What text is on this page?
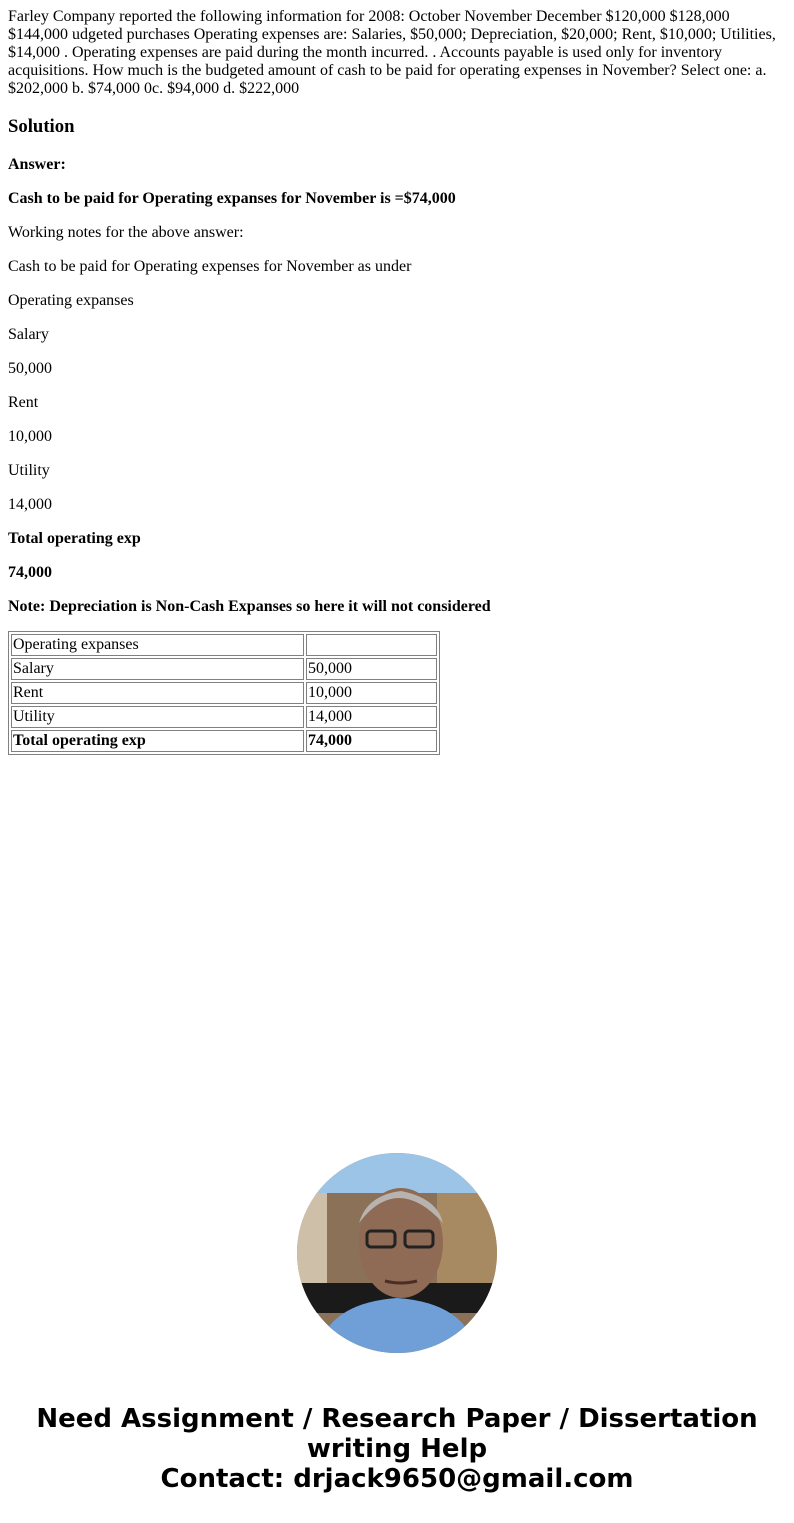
Farley Company reported the following information for 2008: October November December $120,000 $128,000 $144,000 udgeted purchases Operating expenses are: Salaries, $50,000; Depreciation, $20,000; Rent, $10,000; Utilities, $14,000 . Operating expenses are paid during the month incurred. . Accounts payable is used only for inventory acquisitions. How much is the budgeted amount of cash to be paid for operating expenses in November? Select one: a. $202,000 b. $74,000 0c. $94,000 d. $222,000

Solution

Answer:

Cash to be paid for Operating expanses for November is =$74,000

Working notes for the above answer:

Cash to be paid for Operating expenses for November as under

Operating expanses

Salary

50,000

Rent

10,000

Utility

14,000

Total operating exp

74,000

Note: Depreciation is Non-Cash Expanses so here it will not considered

Operating expanses	
Salary	50,000
Rent	10,000
Utility	14,000
Total operating exp	74,000
Need Assignment / Research Paper / Dissertation
writing Help
Contact: drjack9650@gmail.com
